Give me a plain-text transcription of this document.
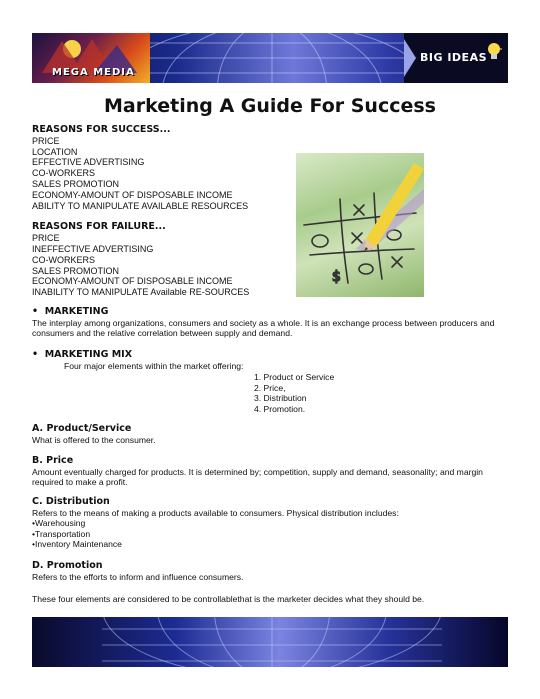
MEGA MEDIA
BIG IDEAS
Marketing A Guide For Success
REASONS FOR SUCCESS...
PRICE
LOCATION
EFFECTIVE ADVERTISING
CO-WORKERS
SALES PROMOTION
ECONOMY-AMOUNT OF DISPOSABLE INCOME
ABILITY TO MANIPULATE AVAILABLE RESOURCES
REASONS FOR FAILURE...
PRICE
INEFFECTIVE ADVERTISING
CO-WORKERS
SALES PROMOTION
ECONOMY-AMOUNT OF DISPOSABLE INCOME
INABILITY TO MANIPULATE Available RE-SOURCES
$
•  MARKETING
The interplay among organizations, consumers and society as a whole. It is an exchange process between producers and consumers and the relative correlation between supply and demand.
•  MARKETING MIX
Four major elements within the market offering:
1. Product or Service
2. Price,
3. Distribution
4. Promotion.
A. Product/Service
What is offered to the consumer.
B. Price
Amount eventually charged for products. It is determined by; competition, supply and demand, seasonality; and margin required to make a profit.
C. Distribution
Refers to the means of making a products available to consumers. Physical distribution includes:
•Warehousing
•Transportation
•Inventory Maintenance
D. Promotion
Refers to the efforts to inform and influence consumers.
These four elements are considered to be controllablethat is the marketer decides what they should be.
